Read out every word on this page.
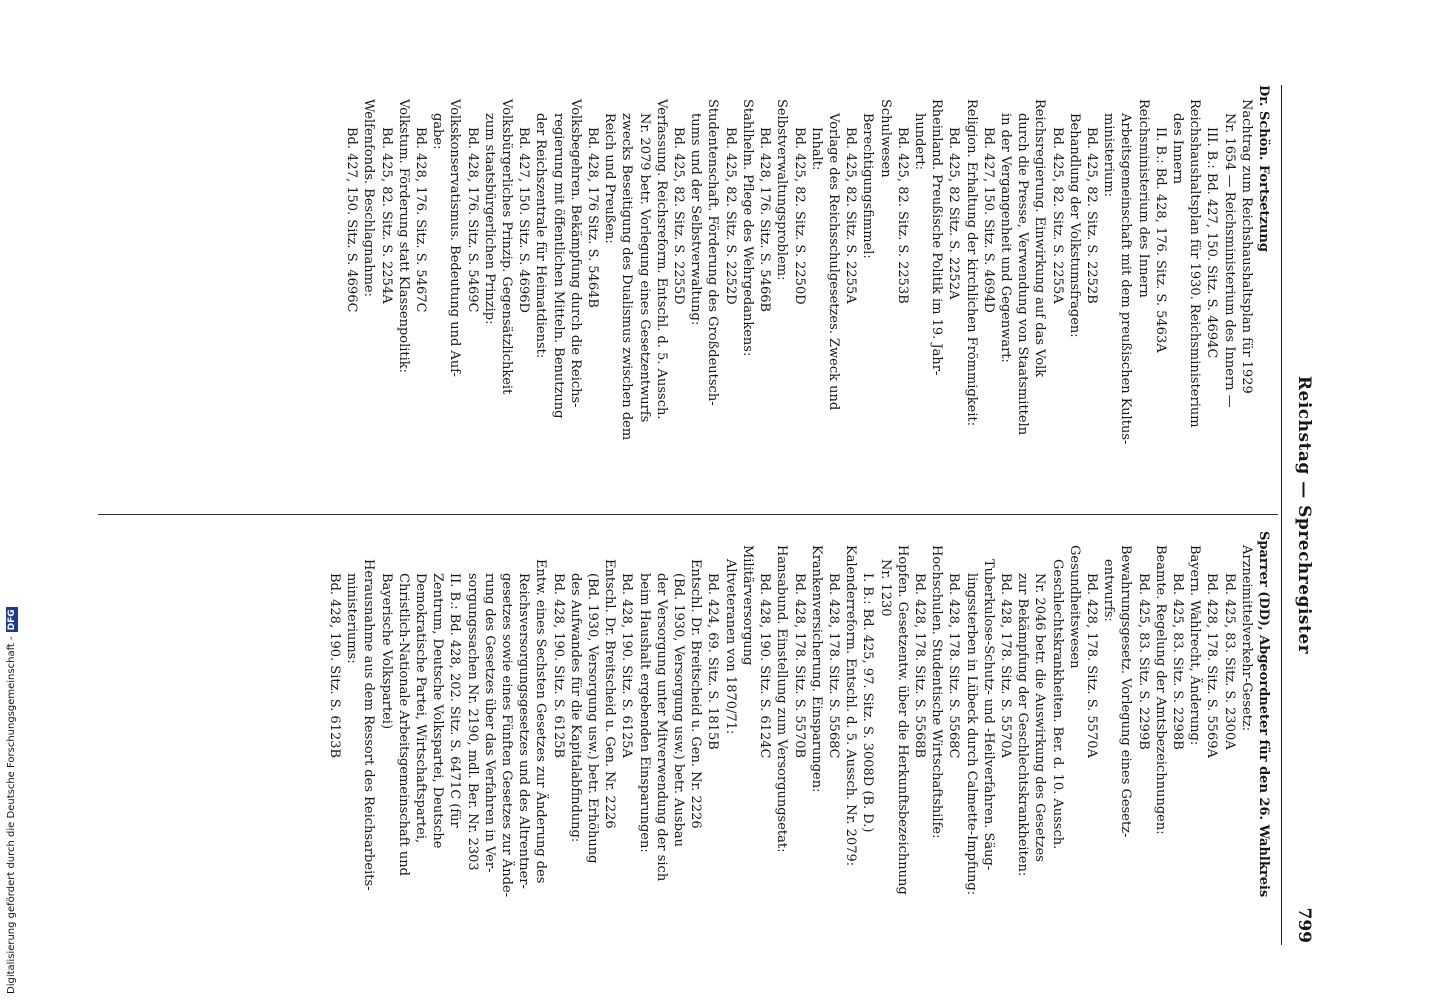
Reichstag — Sprechregister
799
Dr. Schön. Fortsetzung
Nachtrag zum Reichshaushaltsplan für 1929
Nr. 1654 — Reichsministerium des Innern —
III. B.: Bd. 427, 150. Sitz. S. 4694C
Reichshaushaltsplan für 1930. Reichsministerium
des Innern
II. B.: Bd. 428, 176. Sitz. S. 5463A
Reichsministerium des Innern
Arbeitsgemeinschaft mit dem preußischen Kultus-
ministerium:
Bd. 425, 82. Sitz. S. 2252B
Behandlung der Volkstumsfragen:
Bd. 425, 82. Sitz. S. 2255A
Reichsregierung. Einwirkung auf das Volk
durch die Presse, Verwendung von Staatsmitteln
in der Vergangenheit und Gegenwart:
Bd. 427, 150. Sitz. S. 4694D
Religion. Erhaltung der kirchlichen Frömmigkeit:
Bd. 425, 82 Sitz. S. 2252A
Rheinland. Preußische Politik im 19. Jahr-
hundert:
Bd. 425, 82. Sitz. S. 2253B
Schulwesen
Berechtigungsfimmel:
Bd. 425, 82. Sitz. S. 2255A
Vorlage des Reichsschulgesetzes. Zweck und
Inhalt:
Bd. 425, 82. Sitz. S. 2250D
Selbstverwaltungsproblem:
Bd. 428, 176. Sitz. S. 5466B
Stahlhelm. Pflege des Wehrgedankens:
Bd. 425, 82. Sitz. S. 2252D
Studentenschaft. Förderung des Großdeutsch-
tums und der Selbstverwaltung:
Bd. 425, 82. Sitz. S. 2255D
Verfassung. Reichsreform. Entschl. d. 5. Aussch.
Nr. 2079 betr. Vorlegung eines Gesetzentwurfs
zwecks Beseitigung des Dualismus zwischen dem
Reich und Preußen:
Bd. 428, 176 Sitz. S. 5464B
Volksbegehren. Bekämpfung durch die Reichs-
regierung mit öffentlichen Mitteln. Benutzung
der Reichszentrale für Heimatdienst:
Bd. 427, 150. Sitz. S. 4696D
Volksbürgerliches Prinzip. Gegensätzlichkeit
zum staatsbürgerlichen Prinzip:
Bd. 428, 176. Sitz. S. 5469C
Volkskonservatismus. Bedeutung und Auf-
gabe:
Bd. 428, 176. Sitz. S. 5467C
Volkstum. Förderung statt Klassenpolitik:
Bd. 425, 82. Sitz. S. 2254A
Welfenfonds. Beschlagnahme:
Bd. 427, 150. Sitz. S. 4696C
Sparrer (DD), Abgeordneter für den 26. Wahlkreis
Arzneimittelverkehr-Gesetz:
Bd. 425, 83. Sitz. S. 2300A
Bd. 428, 178. Sitz. S. 5569A
Bayern. Wahlrecht, Änderung:
Bd. 425, 83. Sitz. S. 2298B
Beamte. Regelung der Amtsbezeichnungen:
Bd. 425, 83. Sitz. S. 2299B
Bewahrungsgesetz. Vorlegung eines Gesetz-
entwurfs:
Bd. 428, 178. Sitz. S. 5570A
Gesundheitswesen
Geschlechtskrankheiten. Ber. d. 10. Aussch.
Nr. 2046 betr. die Auswirkung des Gesetzes
zur Bekämpfung der Geschlechtskrankheiten:
Bd. 428, 178. Sitz. S. 5570A
Tuberkulose-Schutz- und -Heilverfahren. Säug-
lingssterben in Lübeck durch Calmette-Impfung:
Bd. 428, 178. Sitz. S. 5568C
Hochschulen. Studentische Wirtschaftshilfe:
Bd. 428, 178. Sitz. S. 5568B
Hopfen. Gesetzentw. über die Herkunftsbezeichnung
Nr. 1230
I. B.: Bd. 425, 97. Sitz. S. 3008D (B. D.)
Kalenderreform. Entschl. d. 5. Aussch. Nr. 2079:
Bd. 428, 178. Sitz. S. 5568C
Krankenversicherung. Einsparungen:
Bd. 428, 178. Sitz. S. 5570B
Hansabund. Einstellung zum Versorgungsetat:
Bd. 428, 190. Sitz. S. 6124C
Militärversorgung
Altveteranen von 1870/71:
Bd. 424, 69. Sitz. S. 1815B
Entschl. Dr. Breitscheid u. Gen. Nr. 2226
(Bd. 1930, Versorgung usw.) betr. Ausbau
der Versorgung unter Mitverwendung der sich
beim Haushalt ergebenden Einsparungen:
Bd. 428, 190. Sitz. S. 6125A
Entschl. Dr. Breitscheid u. Gen. Nr. 2226
(Bd. 1930, Versorgung usw.) betr. Erhöhung
des Aufwandes für die Kapitalabfindung:
Bd. 428, 190. Sitz. S. 6125B
Entw. eines Sechsten Gesetzes zur Änderung des
Reichsversorgungsgesetzes und des Altrentner-
gesetzes sowie eines Fünften Gesetzes zur Ände-
rung des Gesetzes über das Verfahren in Ver-
sorgungssachen Nr. 2190, mdl. Ber. Nr. 2303
II. B.: Bd. 428, 202. Sitz. S. 6471C (für
Zentrum, Deutsche Volkspartei, Deutsche
Demokratische Partei, Wirtschaftspartei,
Christlich-Nationale Arbeitsgemeinschaft und
Bayerische Volkspartei)
Herausnahme aus dem Ressort des Reichsarbeits-
ministeriums:
Bd. 428, 190. Sitz. S. 6123B
Digitalisierung gefördert durch die Deutsche Forschungsgemeinschaft -
DFG
